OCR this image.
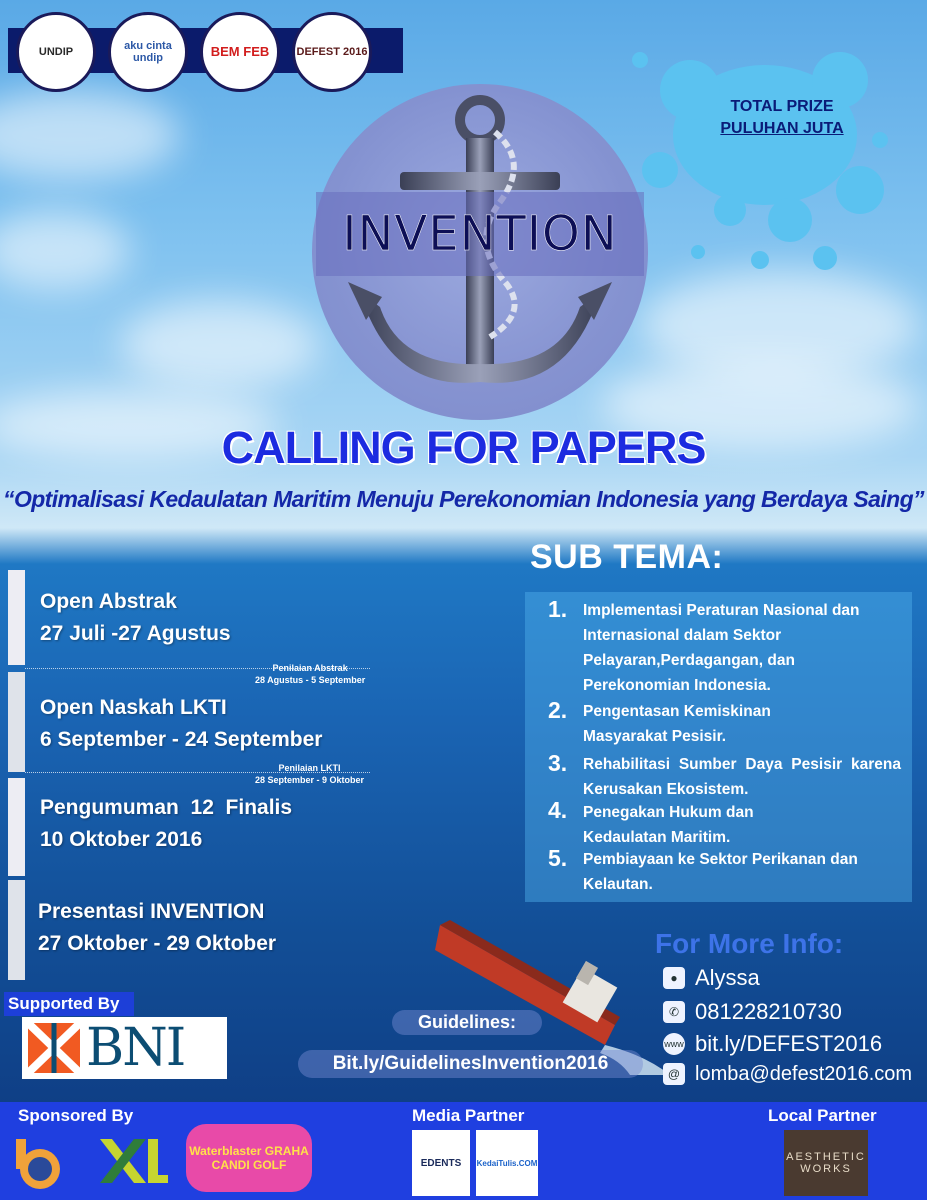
UNDIP
aku cinta undip	BEM FEB DEFEST 2016
TOTAL PRIZE
PULUHAN JUTA
INVENTION
CALLING FOR PAPERS
“Optimalisasi Kedaulatan Maritim Menuju Perekonomian Indonesia yang Berdaya Saing”
Open Abstrak
27 Juli -27 Agustus
Penilaian Abstrak
28 Agustus - 5 September
Open Naskah LKTI
6 September - 24 September
Penilaian LKTI
28 September - 9 Oktober
Pengumuman  12  Finalis
10 Oktober 2016
Presentasi INVENTION
27 Oktober - 29 Oktober
SUB TEMA:
1. Implementasi Peraturan Nasional dan Internasional dalam Sektor Pelayaran,Perdagangan, dan Perekonomian Indonesia.
2. Pengentasan Kemiskinan Masyarakat Pesisir.
3. Rehabilitasi Sumber Daya Pesisir karena Kerusakan Ekosistem.
4. Penegakan Hukum dan Kedaulatan Maritim.
5. Pembiayaan ke Sektor Perikanan dan Kelautan.
For More Info:
● Alyssa
✆ 081228210730
www bit.ly/DEFEST2016
@ lomba@defest2016.com
Supported By
BNI	Guidelines:
Bit.ly/GuidelinesInvention2016
Sponsored By	Media Partner	Local Partner
Waterblaster GRAHA CANDI GOLF	EDENTS KedaiTulis.COM	AESTHETIC WORKS
